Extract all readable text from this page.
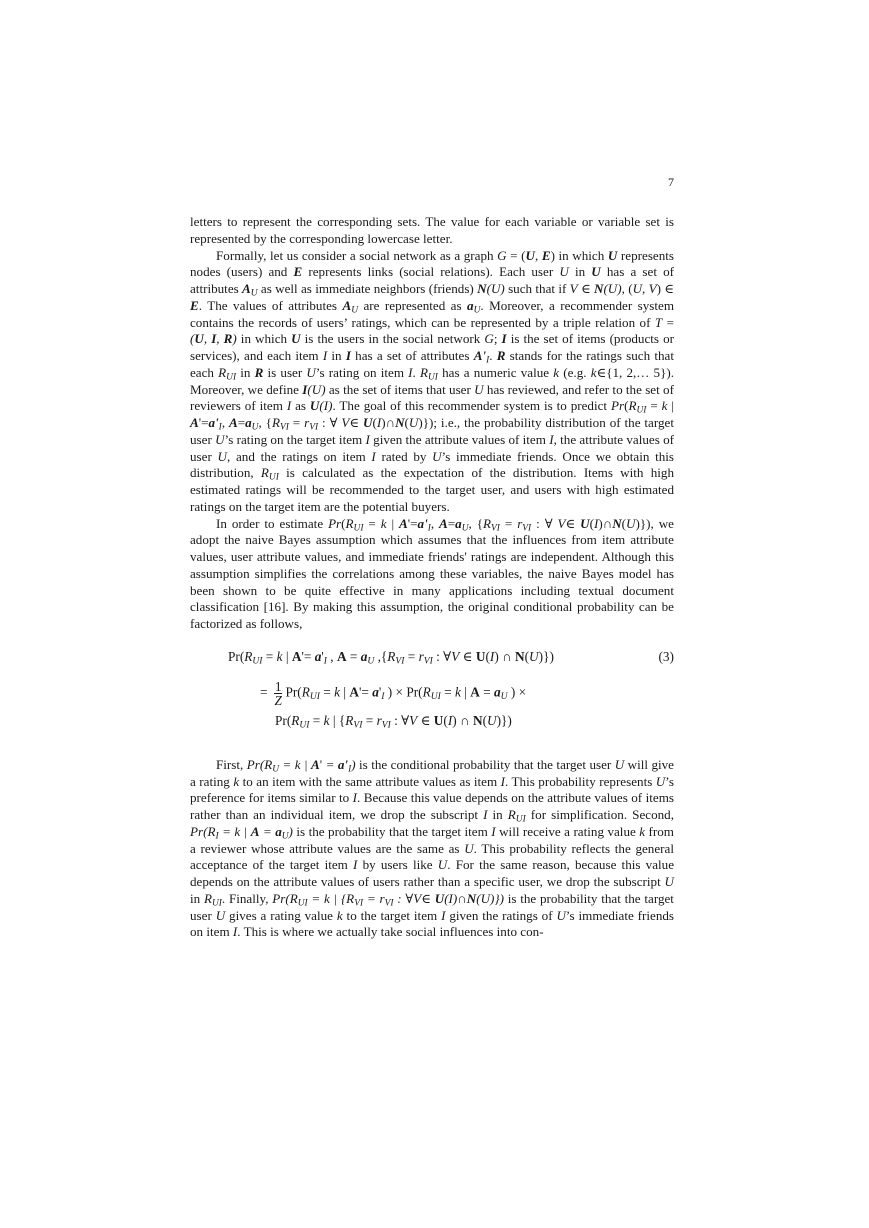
7

letters to represent the corresponding sets. The value for each variable or variable set is represented by the corresponding lowercase letter.

Formally, let us consider a social network as a graph G = (U, E) in which U represents nodes (users) and E represents links (social relations). Each user U in U has a set of attributes $A_U$ as well as immediate neighbors (friends) N(U) such that if V ∈ N(U), (U, V) ∈ E. The values of attributes $A_U$ are represented as $a_U$. Moreover, a recommender system contains the records of users’ ratings, which can be represented by a triple relation of T = (U, I, R) in which U is the users in the social network G; I is the set of items (products or services), and each item I in I has a set of attributes $A'_I$. R stands for the ratings such that each $R_{UI}$ in R is user U’s rating on item I. $R_{UI}$ has a numeric value k (e.g. k∈{1, 2,… 5}). Moreover, we define I(U) as the set of items that user U has reviewed, and refer to the set of reviewers of item I as U(I). The goal of this recommender system is to predict $Pr(R_{UI} = k$ | $A'=a'_I$, $A=a_U$, {$R_{VI} = r_{VI}$ : ∀ V∈ U(I)∩N(U)}); i.e., the probability distribution of the target user U’s rating on the target item I given the attribute values of item I, the attribute values of user U, and the ratings on item I rated by U’s immediate friends. Once we obtain this distribution, $R_{UI}$ is calculated as the expectation of the distribution. Items with high estimated ratings will be recommended to the target user, and users with high estimated ratings on the target item are the potential buyers.

In order to estimate $Pr(R_{UI} = k$ | $A'=a'_I$, $A=a_U$, {$R_{VI} = r_{VI}$ : ∀ V∈ U(I)∩N(U)}), we adopt the naive Bayes assumption which assumes that the influences from item attribute values, user attribute values, and immediate friends' ratings are independent. Although this assumption simplifies the correlations among these variables, the naive Bayes model has been shown to be quite effective in many applications including textual document classification [16]. By making this assumption, the original conditional probability can be factorized as follows,

$Pr(R_{UI} = k$ | $A'= a'_I$ , $A = a_U$ $,\{R_{VI} = r_{VI}$ : ∀V ∈ U(I) ∩ N(U)})
= $\frac{1}{Z} Pr(R_{UI} = k$ | $A'= a'_I$ ) × $Pr(R_{UI} = k$ | $A = a_U$ ) ×
$Pr(R_{UI} = k$ | {$R_{VI} = r_{VI}$ : ∀V ∈ U(I) ∩ N(U)})
(3)

First, $Pr(R_U = k$ | $A' = a'_I$) is the conditional probability that the target user U will give a rating k to an item with the same attribute values as item I. This probability represents U’s preference for items similar to I. Because this value depends on the attribute values of items rather than an individual item, we drop the subscript I in $R_{UI}$ for simplification. Second, $Pr(R_I = k$ | $A = a_U$) is the probability that the target item I will receive a rating value k from a reviewer whose attribute values are the same as U. This probability reflects the general acceptance of the target item I by users like U. For the same reason, because this value depends on the attribute values of users rather than a specific user, we drop the subscript U in $R_{UI}$. Finally, $Pr(R_{UI} = k$ | {$R_{VI} = r_{VI}$ : ∀V∈ U(I)∩N(U)}) is the probability that the target user U gives a rating value k to the target item I given the ratings of U’s immediate friends on item I. This is where we actually take social influences into con-
